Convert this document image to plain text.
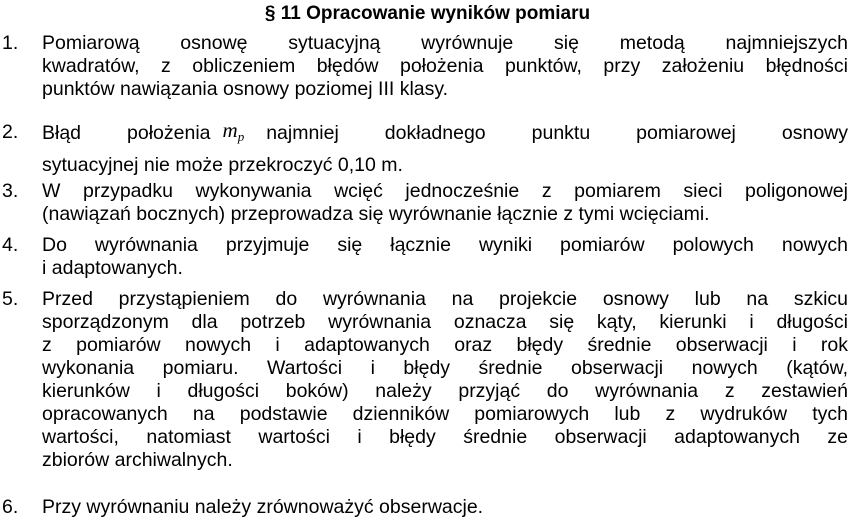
§ 11 Opracowanie wyników pomiaru
1. Pomiarową osnowę sytuacyjną wyrównuje się metodą najmniejszych
kwadratów, z obliczeniem błędów położenia punktów, przy założeniu błędności
punktów nawiązania osnowy poziomej III klasy.
2. Błąd położenia $m_p$ najmniej dokładnego punktu pomiarowej osnowy
sytuacyjnej nie może przekroczyć 0,10 m.
3. W przypadku wykonywania wcięć jednocześnie z pomiarem sieci poligonowej
(nawiązań bocznych) przeprowadza się wyrównanie łącznie z tymi wcięciami.
4. Do wyrównania przyjmuje się łącznie wyniki pomiarów polowych nowych
i adaptowanych.
5. Przed przystąpieniem do wyrównania na projekcie osnowy lub na szkicu
sporządzonym dla potrzeb wyrównania oznacza się kąty, kierunki i długości
z pomiarów nowych i adaptowanych oraz błędy średnie obserwacji i rok
wykonania pomiaru. Wartości i błędy średnie obserwacji nowych (kątów,
kierunków i długości boków) należy przyjąć do wyrównania z zestawień
opracowanych na podstawie dzienników pomiarowych lub z wydruków tych
wartości, natomiast wartości i błędy średnie obserwacji adaptowanych ze
zbiorów archiwalnych.
6. Przy wyrównaniu należy zrównoważyć obserwacje.
